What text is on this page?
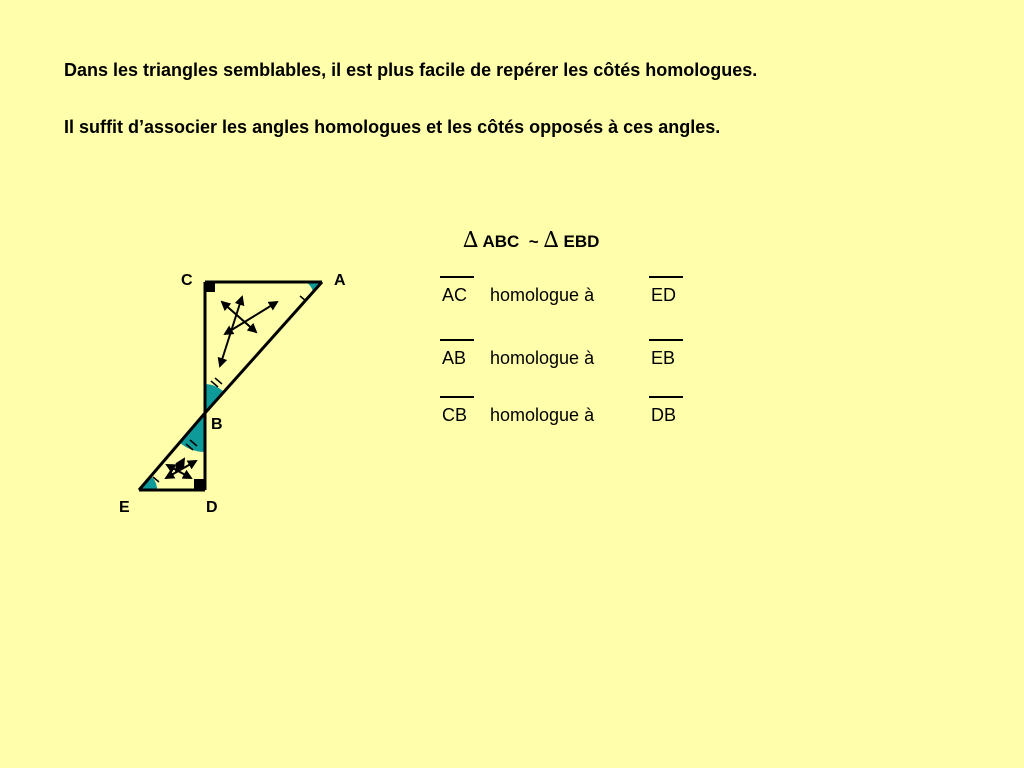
Dans les triangles semblables, il est plus facile de repérer les côtés homologues.
Il suffit d’associer les angles homologues et les côtés opposés à ces angles.
∆ ABC ~ ∆ EBD
AC homologue à	ED
AB homologue à	EB
CB homologue à	DB
C	A
B
E	D
